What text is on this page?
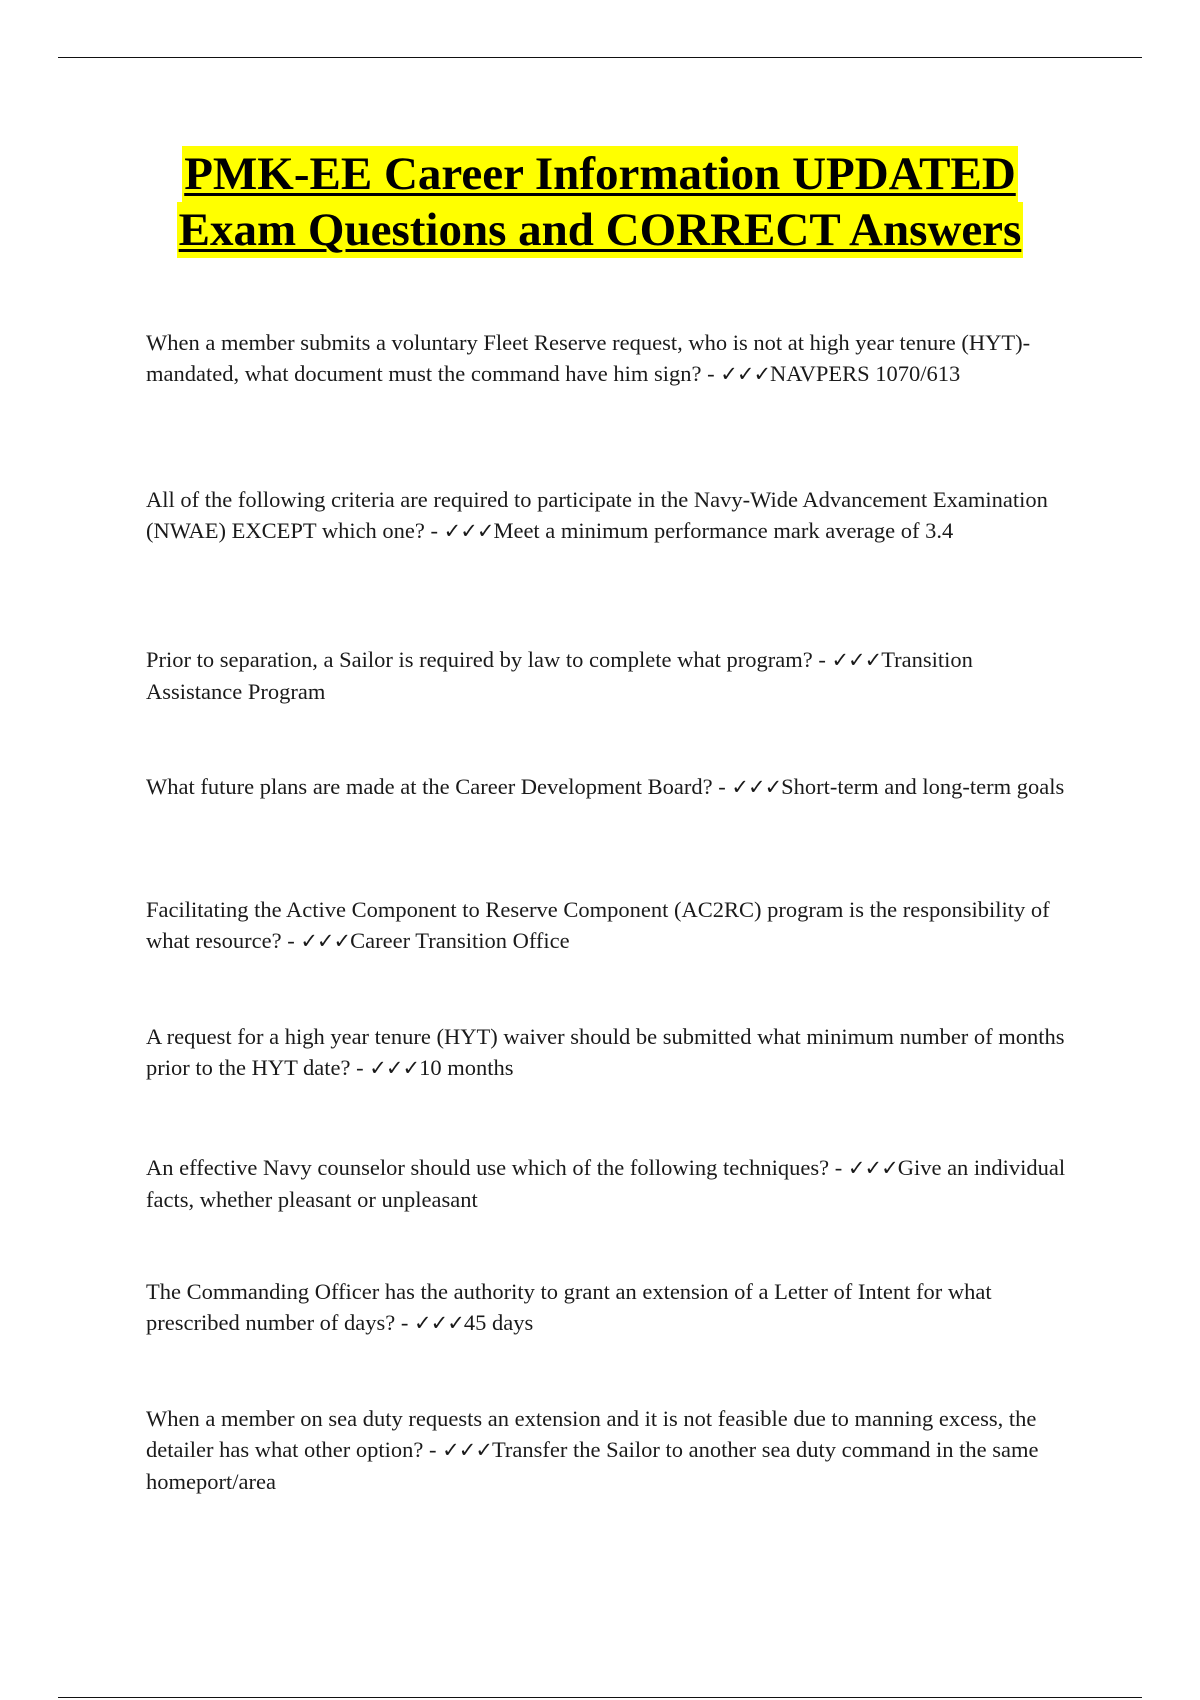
PMK-EE Career Information UPDATED
Exam Questions and CORRECT Answers

When a member submits a voluntary Fleet Reserve request, who is not at high year tenure (HYT)-mandated, what document must the command have him sign? - ✓✓✓NAVPERS 1070/613

All of the following criteria are required to participate in the Navy-Wide Advancement Examination (NWAE) EXCEPT which one? - ✓✓✓Meet a minimum performance mark average of 3.4

Prior to separation, a Sailor is required by law to complete what program? - ✓✓✓Transition Assistance Program

What future plans are made at the Career Development Board? - ✓✓✓Short-term and long-term goals

Facilitating the Active Component to Reserve Component (AC2RC) program is the responsibility of what resource? - ✓✓✓Career Transition Office

A request for a high year tenure (HYT) waiver should be submitted what minimum number of months prior to the HYT date? - ✓✓✓10 months

An effective Navy counselor should use which of the following techniques? - ✓✓✓Give an individual facts, whether pleasant or unpleasant

The Commanding Officer has the authority to grant an extension of a Letter of Intent for what prescribed number of days? - ✓✓✓45 days

When a member on sea duty requests an extension and it is not feasible due to manning excess, the detailer has what other option? - ✓✓✓Transfer the Sailor to another sea duty command in the same homeport/area
